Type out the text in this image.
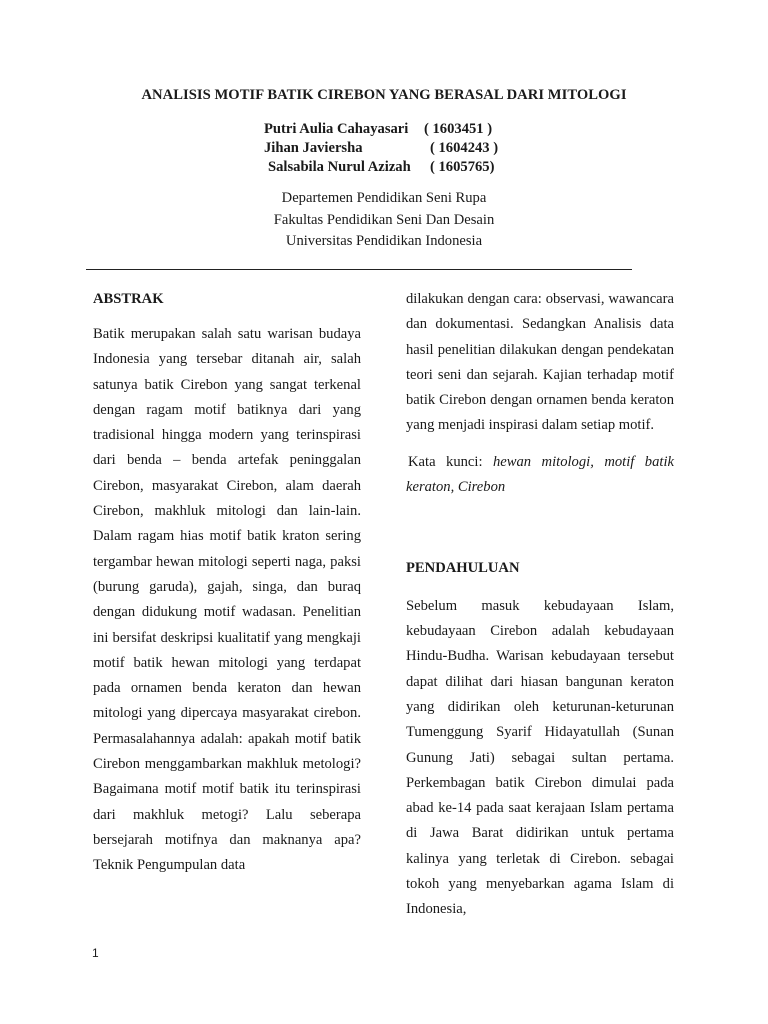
ANALISIS MOTIF BATIK CIREBON YANG BERASAL DARI MITOLOGI
Putri Aulia Cahayasari	( 1603451 )
Jihan Javiersha	( 1604243 )
Salsabila Nurul Azizah	( 1605765)
Departemen Pendidikan Seni Rupa
Fakultas Pendidikan Seni Dan Desain
Universitas Pendidikan Indonesia
ABSTRAK

Batik merupakan salah satu warisan budaya Indonesia yang tersebar ditanah air, salah satunya batik Cirebon yang sangat terkenal dengan ragam motif batiknya dari yang tradisional hingga modern yang terinspirasi dari benda – benda artefak peninggalan Cirebon, masyarakat Cirebon, alam daerah Cirebon, makhluk mitologi dan lain-lain. Dalam ragam hias motif batik kraton sering tergambar hewan mitologi seperti naga, paksi (burung garuda), gajah, singa, dan buraq dengan didukung motif wadasan. Penelitian ini bersifat deskripsi kualitatif yang mengkaji motif batik hewan mitologi yang terdapat pada ornamen benda keraton dan hewan mitologi yang dipercaya masyarakat cirebon. Permasalahannya adalah: apakah motif batik Cirebon menggambarkan makhluk metologi? Bagaimana motif motif batik itu terinspirasi dari makhluk metogi? Lalu seberapa bersejarah motifnya dan maknanya apa? Teknik Pengumpulan data

dilakukan dengan cara: observasi, wawancara dan dokumentasi. Sedangkan Analisis data hasil penelitian dilakukan dengan pendekatan teori seni dan sejarah. Kajian terhadap motif batik Cirebon dengan ornamen benda keraton yang menjadi inspirasi dalam setiap motif.

Kata kunci: hewan mitologi, motif batik keraton, Cirebon
PENDAHULUAN

Sebelum masuk kebudayaan Islam, kebudayaan Cirebon adalah kebudayaan Hindu-Budha. Warisan kebudayaan tersebut dapat dilihat dari hiasan bangunan keraton yang didirikan oleh keturunan-keturunan Tumenggung Syarif Hidayatullah (Sunan Gunung Jati) sebagai sultan pertama. Perkembagan batik Cirebon dimulai pada abad ke-14 pada saat kerajaan Islam pertama di Jawa Barat didirikan untuk pertama kalinya yang terletak di Cirebon. sebagai tokoh yang menyebarkan agama Islam di Indonesia,

1
